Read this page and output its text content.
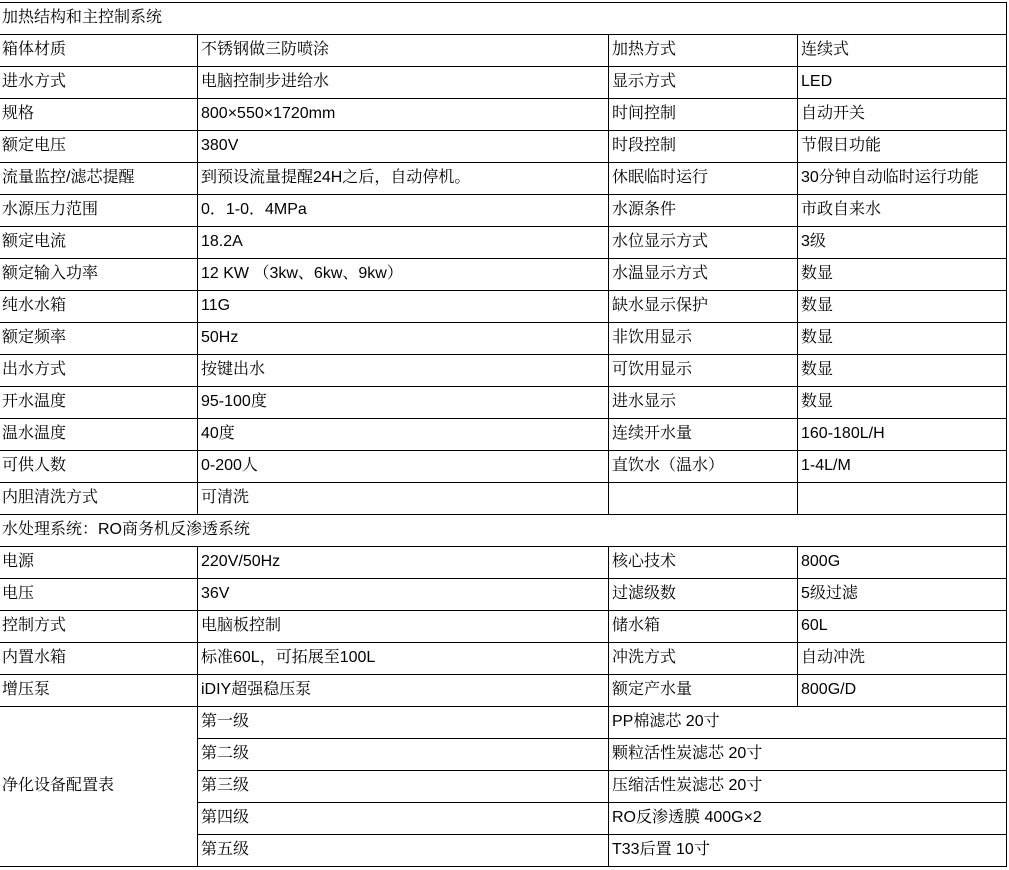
加热结构和主控制系统			
箱体材质	不锈钢做三防喷涂	加热方式	连续式
进水方式	电脑控制步进给水	显示方式	LED
规格	800×550×1720mm	时间控制	自动开关
额定电压	380V	时段控制	节假日功能
流量监控/滤芯提醒	到预设流量提醒24H之后，自动停机。	休眠临时运行	30分钟自动临时运行功能
水源压力范围	0．1-0．4MPa	水源条件	市政自来水
额定电流	18.2A	水位显示方式	3级
额定输入功率	12 KW （3kw、6kw、9kw）	水温显示方式	数显
纯水水箱	11G	缺水显示保护	数显
额定频率	50Hz	非饮用显示	数显
出水方式	按键出水	可饮用显示	数显
开水温度	95-100度	进水显示	数显
温水温度	40度	连续开水量	160-180L/H
可供人数	0-200人	直饮水（温水）	1-4L/M
内胆清洗方式	可清洗		
水处理系统：RO商务机反渗透系统			
电源	220V/50Hz	核心技术	800G
电压	36V	过滤级数	5级过滤
控制方式	电脑板控制	储水箱	60L
内置水箱	标准60L，可拓展至100L	冲洗方式	自动冲洗
增压泵	iDIY超强稳压泵	额定产水量	800G/D
净化设备配置表	第一级	PP棉滤芯 20寸	
	第二级	颗粒活性炭滤芯 20寸	
	第三级	压缩活性炭滤芯 20寸	
	第四级	RO反渗透膜 400G×2	
	第五级	T33后置 10寸	
